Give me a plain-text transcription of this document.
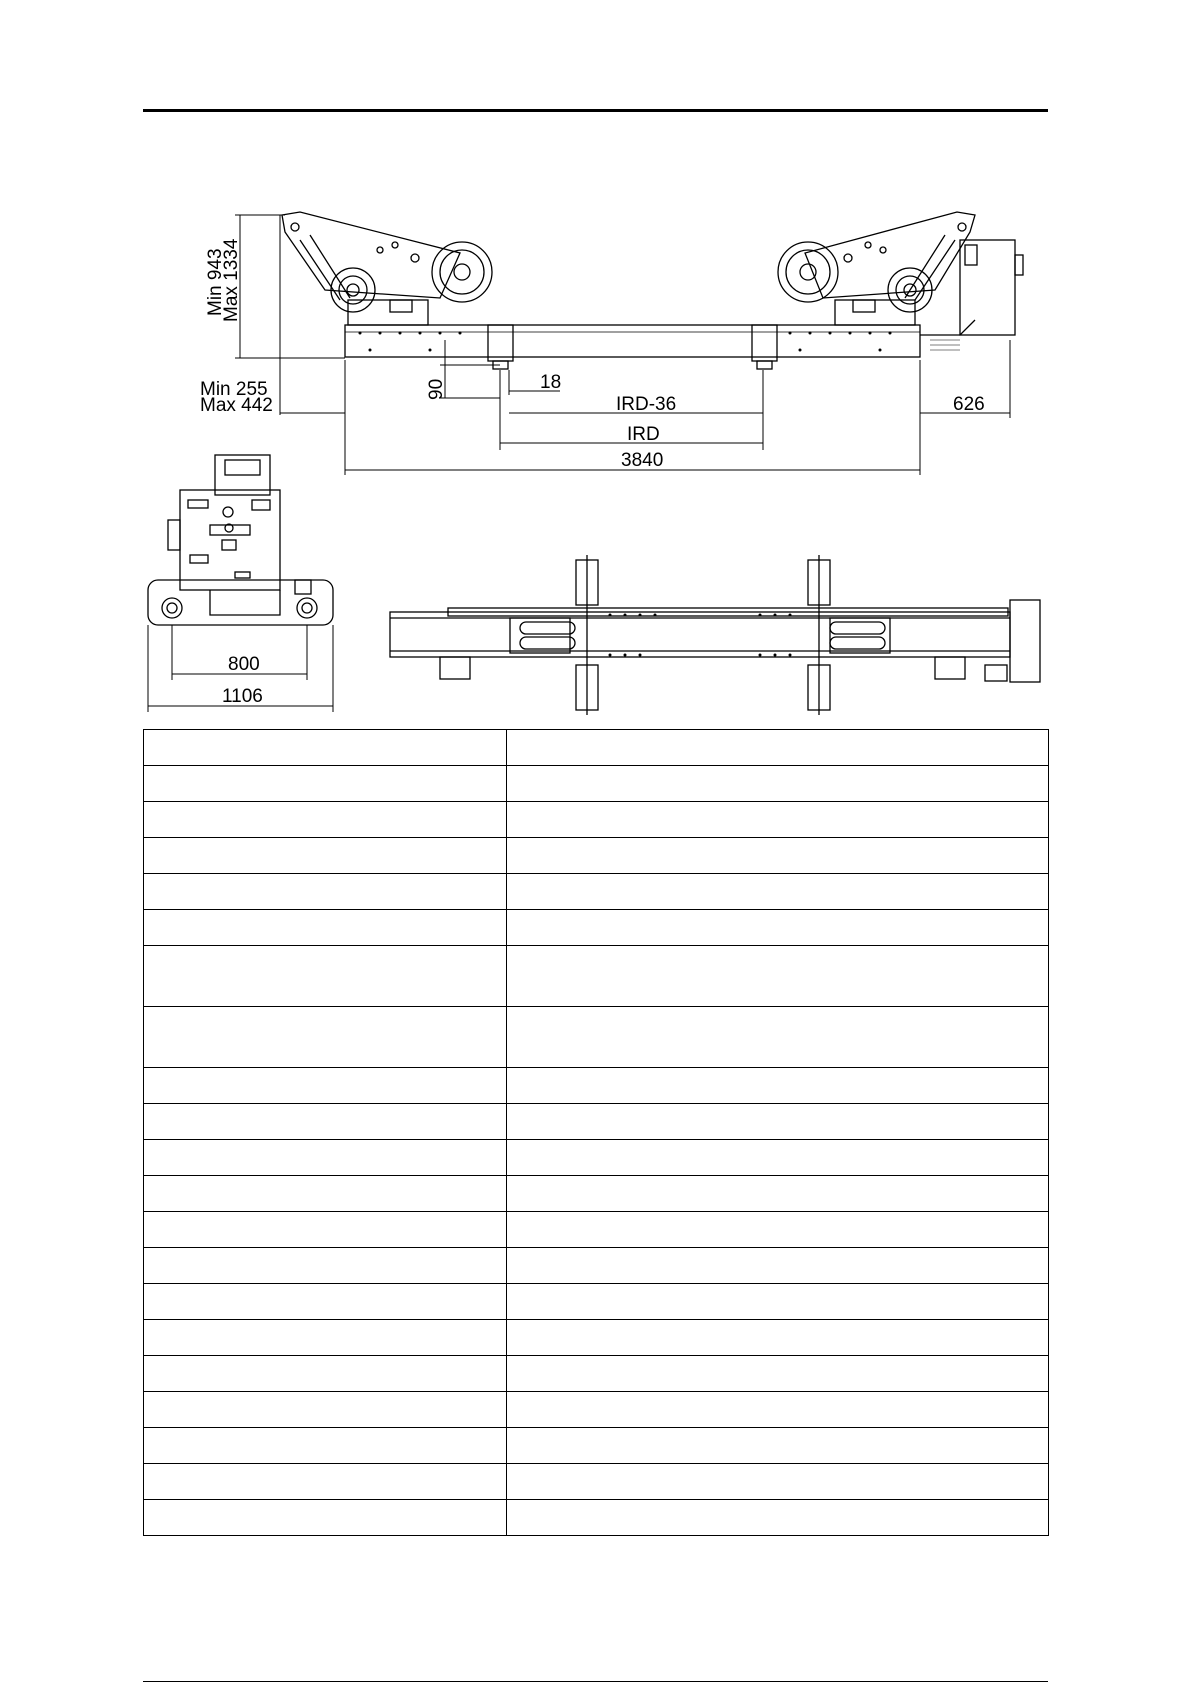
Min 943
Max 1334
Min 255
Max 442
90	18
IRD-36
IRD
3840
626
800
1106
